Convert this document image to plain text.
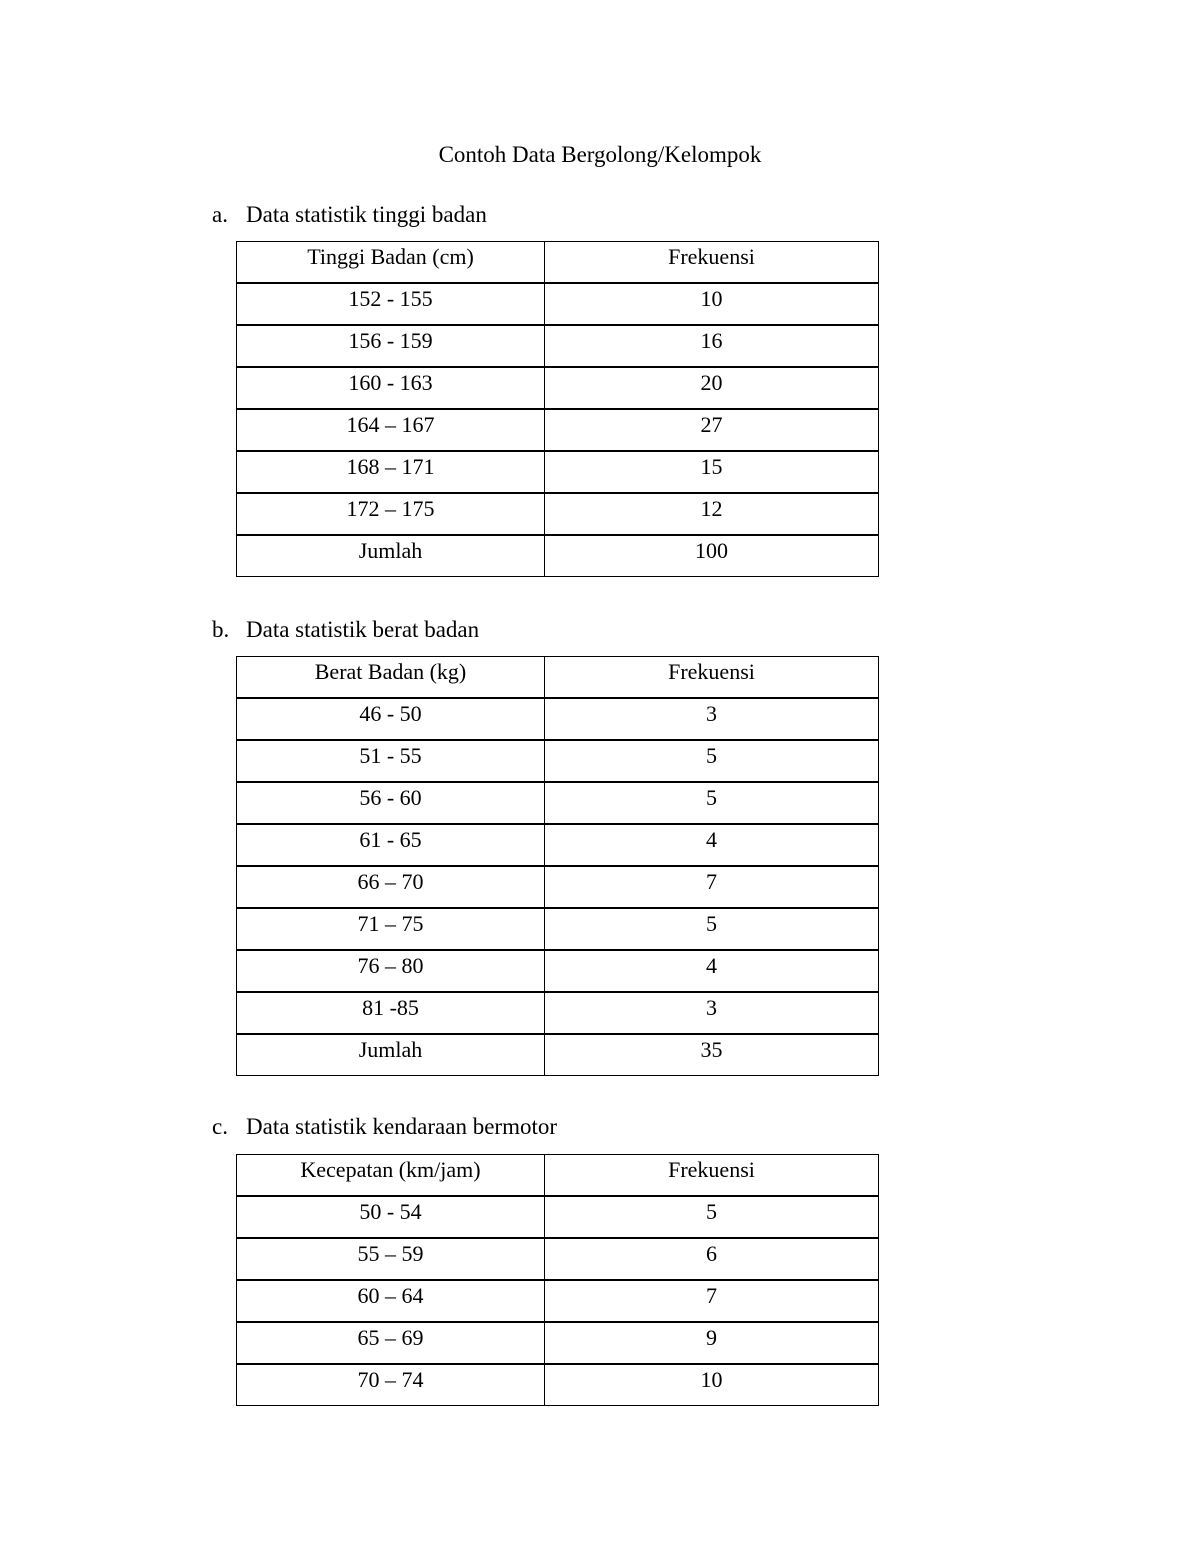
Contoh Data Bergolong/Kelompok
a. Data statistik tinggi badan
Tinggi Badan (cm)	Frekuensi
152 - 155	10
156 - 159	16
160 - 163	20
164 – 167	27
168 – 171	15
172 – 175	12
Jumlah	100
b. Data statistik berat badan
Berat Badan (kg)	Frekuensi
46 - 50	3
51 - 55	5
56 - 60	5
61 - 65	4
66 – 70	7
71 – 75	5
76 – 80	4
81 -85	3
Jumlah	35
c. Data statistik kendaraan bermotor
Kecepatan (km/jam)	Frekuensi
50 - 54	5
55 – 59	6
60 – 64	7
65 – 69	9
70 – 74	10
